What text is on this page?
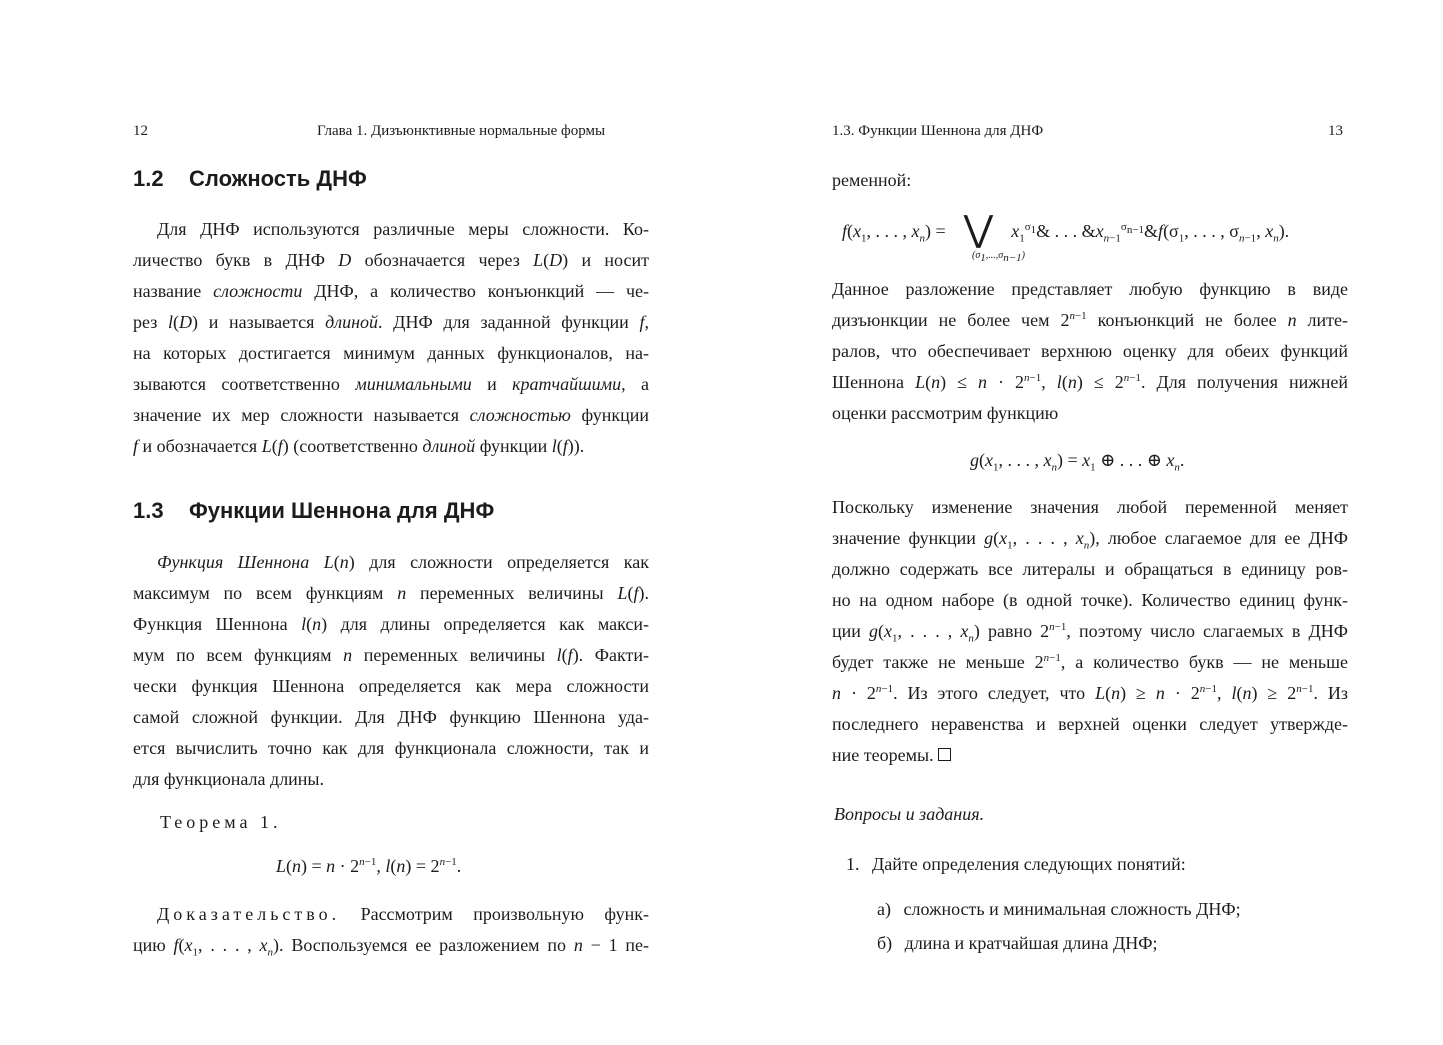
12	Глава 1. Дизъюнктивные нормальные формы
1.2 Сложность ДНФ
Для ДНФ используются различные меры сложности. Ко-
личество букв в ДНФ D обозначается через L(D) и носит
название сложности ДНФ, а количество конъюнкций — че-
рез l(D) и называется длиной. ДНФ для заданной функции f,
на которых достигается минимум данных функционалов, на-
зываются соответственно минимальными и кратчайшими, а
значение их мер сложности называется сложностью функции
f и обозначается L(f) (соответственно длиной функции l(f)).
1.3 Функции Шеннона для ДНФ
Функция Шеннона L(n) для сложности определяется как
максимум по всем функциям n переменных величины L(f).
Функция Шеннона l(n) для длины определяется как макси-
мум по всем функциям n переменных величины l(f). Факти-
чески функция Шеннона определяется как мера сложности
самой сложной функции. Для ДНФ функцию Шеннона уда-
ется вычислить точно как для функционала сложности, так и
для функционала длины.
Теорема 1.
$L(n) = n \cdot 2^{n-1}$, $l(n) = 2^{n-1}$.
Доказательство. Рассмотрим произвольную функ-
цию $f(x_1$, . . . , $x_n$). Воспользуемся ее разложением по n − 1 пе-
1.3. Функции Шеннона для ДНФ	13
ременной:
$f(x_1$, . . . , $x_n$) =    ⋁
$(\sigma_1,...,\sigma_{n-1})$
$x_1^{\sigma_1}\&$ . . . $\&x_{n-1}^{\sigma_{n-1}}\&f(\sigma_1$, . . . , $\sigma_{n-1}$, $x_n$).
Данное разложение представляет любую функцию в виде
дизъюнкции не более чем $2^{n-1}$ конъюнкций не более n лите-
ралов, что обеспечивает верхнюю оценку для обеих функций
Шеннона $L(n) \le n \cdot 2^{n-1}$, $l(n) \le 2^{n-1}$. Для получения нижней
оценки рассмотрим функцию
$g(x_1$, . . . , $x_n) = x_1$ ⊕ . . . ⊕ $x_n$.
Поскольку изменение значения любой переменной меняет
значение функции $g(x_1$, . . . , $x_n$), любое слагаемое для ее ДНФ
должно содержать все литералы и обращаться в единицу ров-
но на одном наборе (в одной точке). Количество единиц функ-
ции $g(x_1$, . . . , $x_n$) равно $2^{n-1}$, поэтому число слагаемых в ДНФ
будет также не меньше $2^{n-1}$, а количество букв — не меньше
$n \cdot 2^{n-1}$. Из этого следует, что $L(n) \ge n \cdot 2^{n-1}$, $l(n) \ge 2^{n-1}$. Из
последнего неравенства и верхней оценки следует утвержде-
ние теоремы.
Вопросы и задания.
1. Дайте определения следующих понятий:
а) сложность и минимальная сложность ДНФ;
б) длина и кратчайшая длина ДНФ;
